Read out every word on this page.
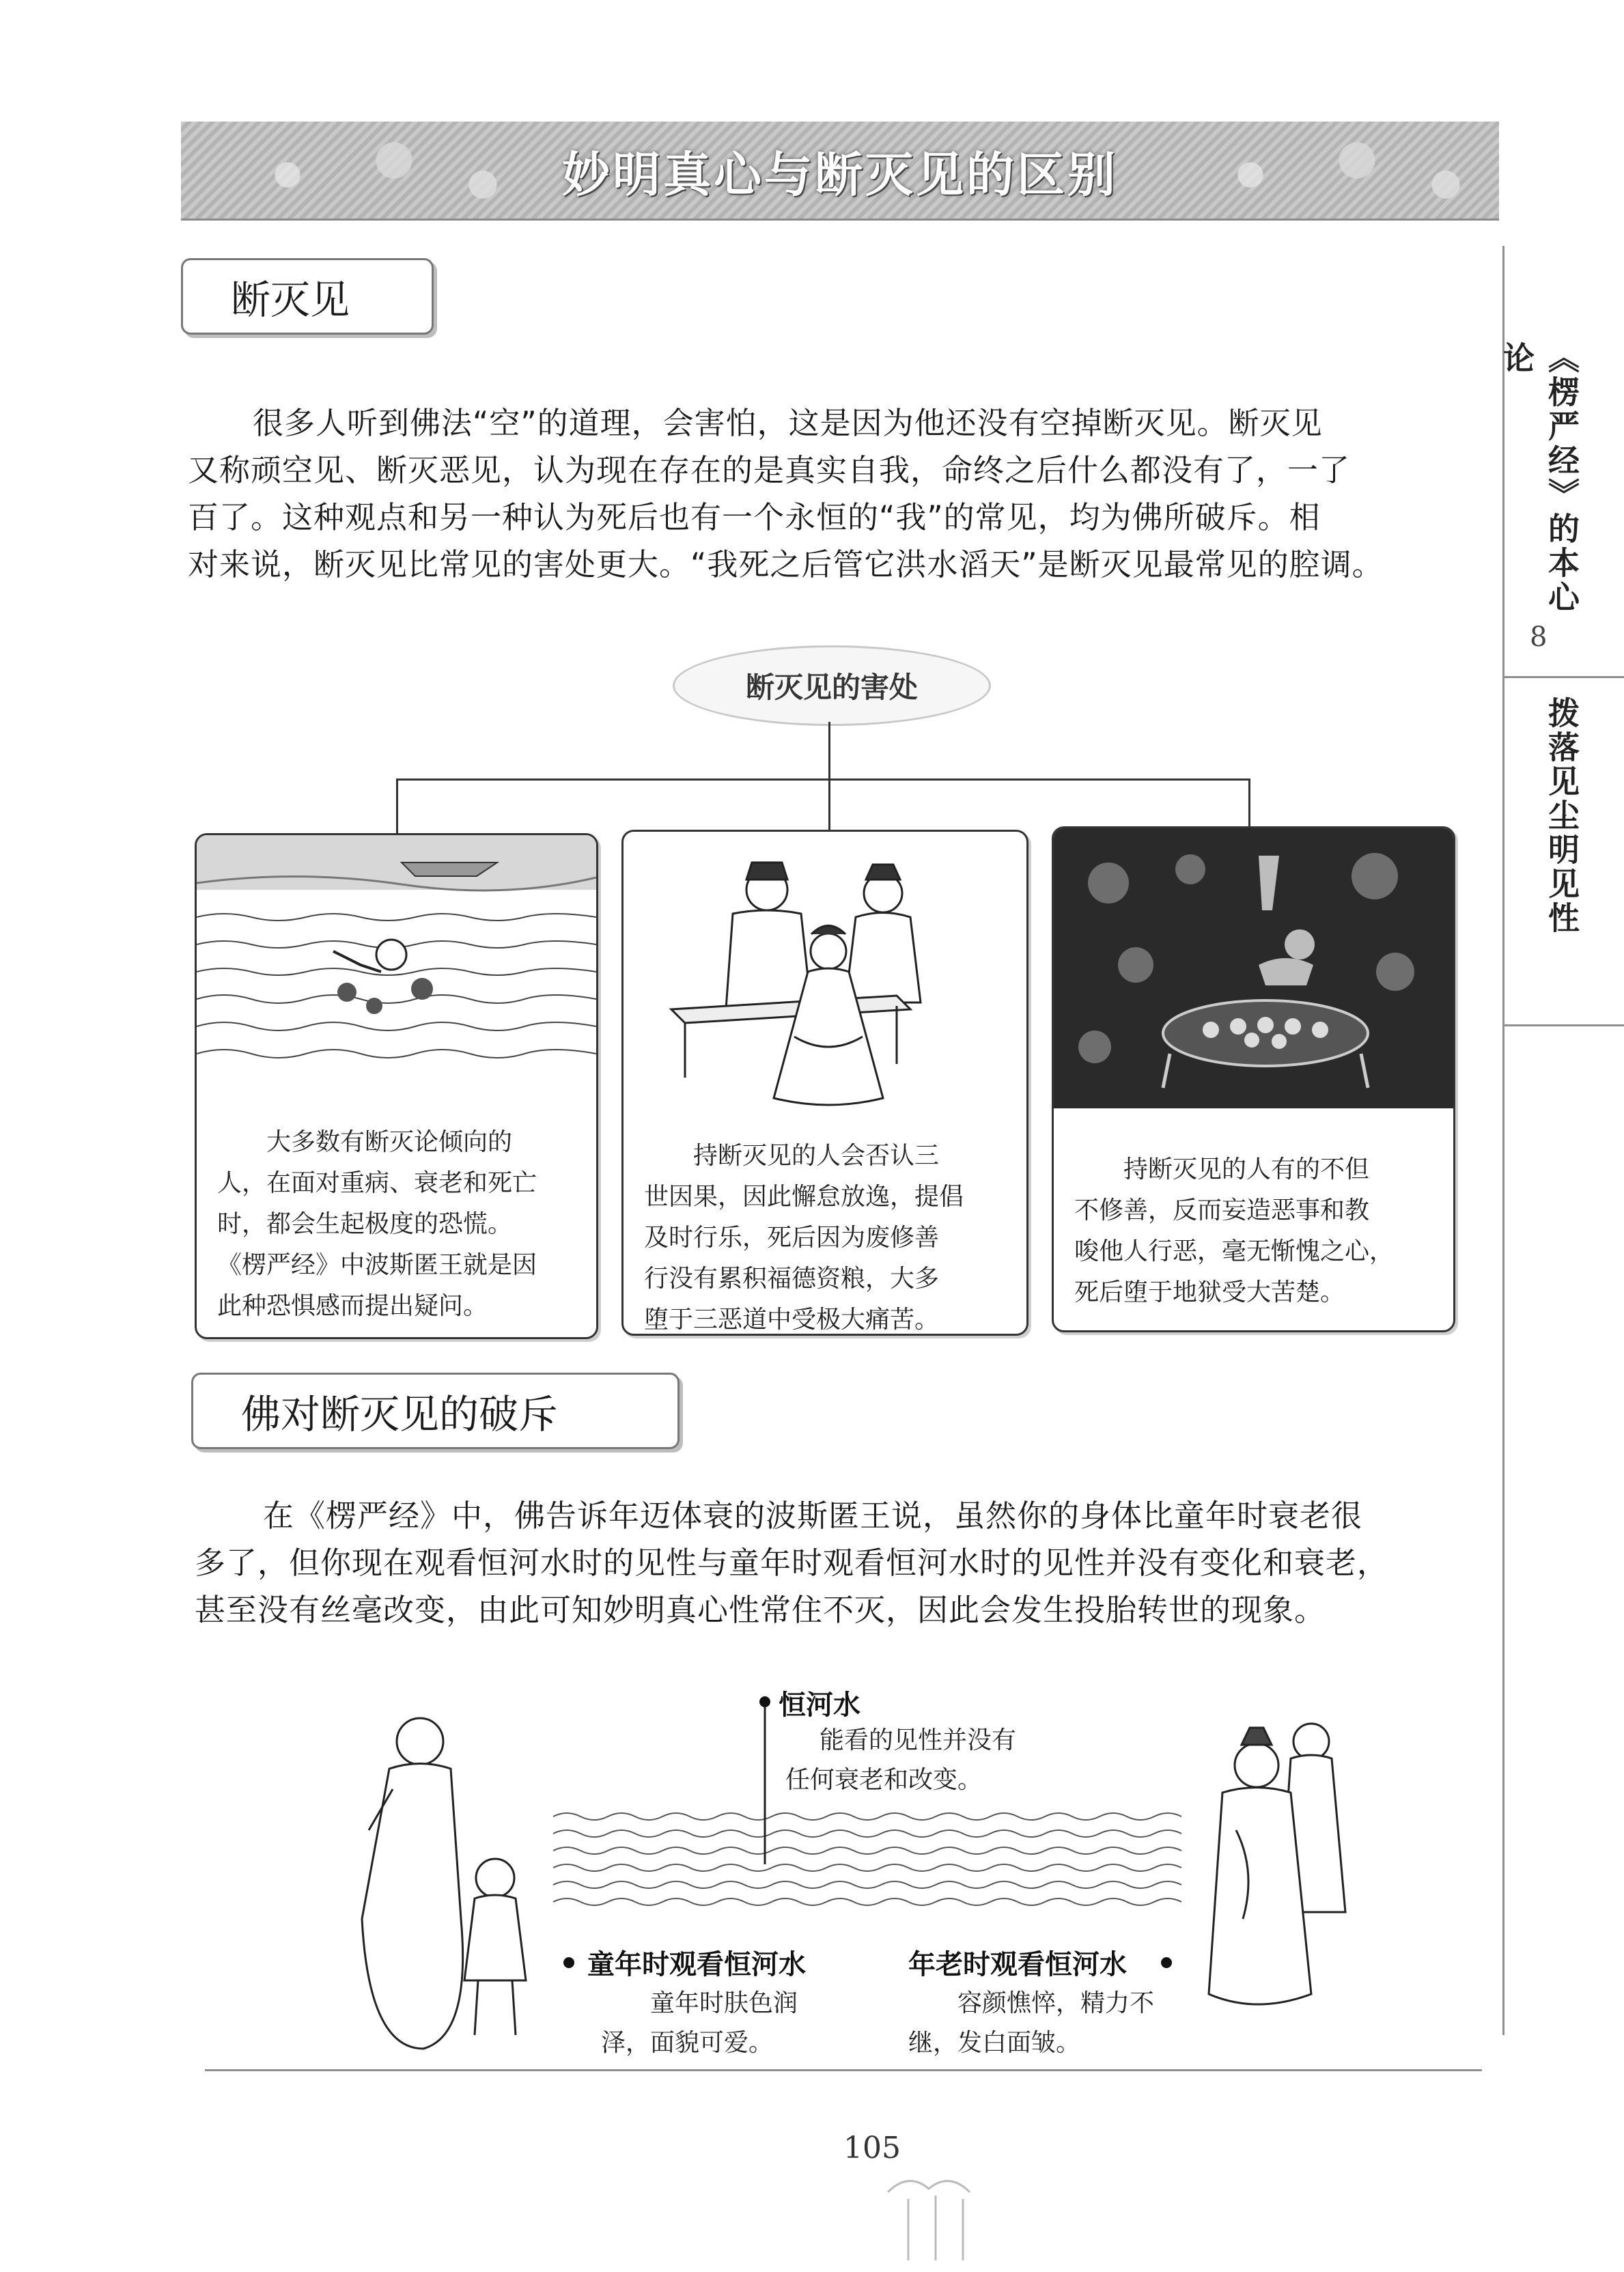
妙明真心与断灭见的区别
《楞严经》的本心论
8
拨落见尘明见性
断灭见
很多人听到佛法“空”的道理，会害怕，这是因为他还没有空掉断灭见。断灭见
又称顽空见、断灭恶见，认为现在存在的是真实自我，命终之后什么都没有了，一了
百了。这种观点和另一种认为死后也有一个永恒的“我”的常见，均为佛所破斥。相
对来说，断灭见比常见的害处更大。“我死之后管它洪水滔天”是断灭见最常见的腔调。
断灭见的害处
　　大多数有断灭论倾向的
人，在面对重病、衰老和死亡
时，都会生起极度的恐慌。
《楞严经》中波斯匿王就是因
此种恐惧感而提出疑问。
　　持断灭见的人会否认三
世因果，因此懈怠放逸，提倡
及时行乐，死后因为废修善
行没有累积福德资粮，大多
堕于三恶道中受极大痛苦。
　　持断灭见的人有的不但
不修善，反而妄造恶事和教
唆他人行恶，毫无惭愧之心，
死后堕于地狱受大苦楚。
佛对断灭见的破斥
在《楞严经》中，佛告诉年迈体衰的波斯匿王说，虽然你的身体比童年时衰老很
多了，但你现在观看恒河水时的见性与童年时观看恒河水时的见性并没有变化和衰老，
甚至没有丝毫改变，由此可知妙明真心性常住不灭，因此会发生投胎转世的现象。
恒河水
能看的见性并没有
任何衰老和改变。
童年时观看恒河水
　　童年时肤色润
泽，面貌可爱。
年老时观看恒河水
　　容颜憔悴，精力不
继，发白面皱。
105
